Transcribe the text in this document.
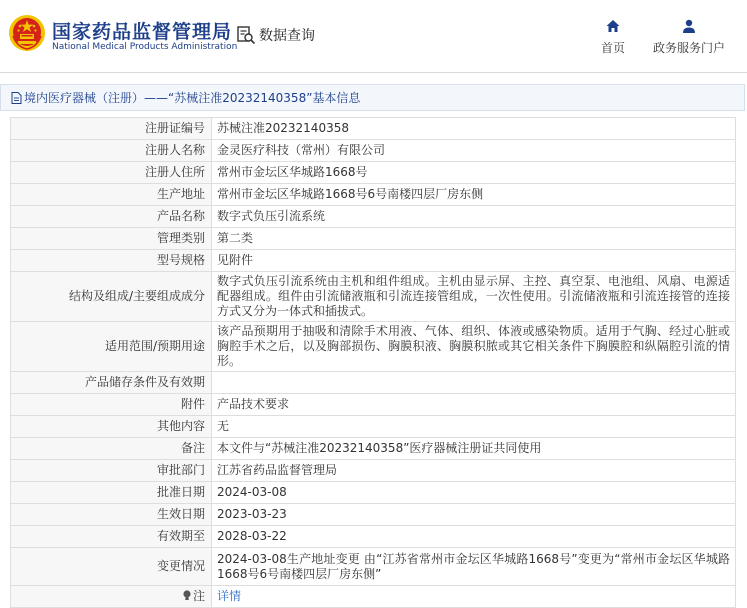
国家药品监督管理局
National Medical Products Administration
数据查询
首页	政务服务门户
境内医疗器械（注册）——“苏械注准20232140358”基本信息
注册证编号	苏械注准20232140358
注册人名称	金灵医疗科技（常州）有限公司
注册人住所	常州市金坛区华城路1668号
生产地址	常州市金坛区华城路1668号6号南楼四层厂房东侧
产品名称	数字式负压引流系统
管理类别	第二类
型号规格	见附件
结构及组成/主要组成成分	数字式负压引流系统由主机和组件组成。主机由显示屏、主控、真空泵、电池组、风扇、电源适配器组成。组件由引流储液瓶和引流连接管组成，一次性使用。引流储液瓶和引流连接管的连接方式又分为一体式和插拔式。
适用范围/预期用途	该产品预期用于抽吸和清除手术用液、气体、组织、体液或感染物质。适用于气胸、经过心脏或胸腔手术之后，以及胸部损伤、胸膜积液、胸膜积脓或其它相关条件下胸膜腔和纵隔腔引流的情形。
产品储存条件及有效期	
附件	产品技术要求
其他内容	无
备注	本文件与“苏械注准20232140358”医疗器械注册证共同使用
审批部门	江苏省药品监督管理局
批准日期	2024-03-08
生效日期	2023-03-23
有效期至	2028-03-22
变更情况	2024-03-08生产地址变更 由“江苏省常州市金坛区华城路1668号”变更为“常州市金坛区华城路1668号6号南楼四层厂房东侧”
注	详情
